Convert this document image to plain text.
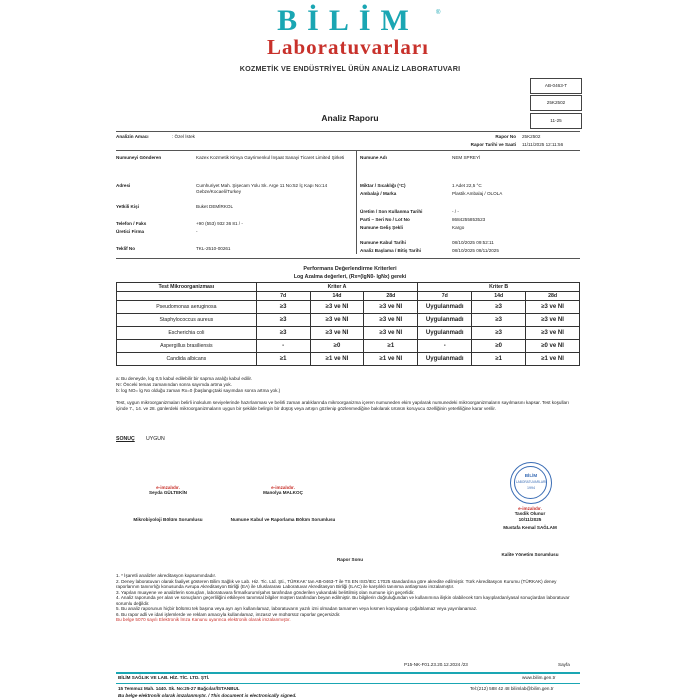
BİLİM	®
Laboratuvarları
KOZMETİK VE ENDÜSTRİYEL ÜRÜN ANALİZ LABORATUVARI
AB-0463-T
25K2502
11-25
Analiz Raporu
Analizin Amacı	: Özel İstek	Rapor No 25K2502
Rapor Tarihi ve Saati 11/11/2025 12:11:56
Numuneyi Gönderen	Kazex Kozmetik Kimya Gayrimenkul İnşaat Sanayi Ticaret Limited Şirketi
Adresi	Cumhuriyet Mah. Şişecam Yolu Sk. Arge 11 No:52 İç Kapı No:14 Gebze/Kocaeli/Turkey
Yetkili Kişi	Buket DEMİRKOL
Telefon / Faks	+90 (553) 932 36 81 / -
Üretici Firma	-
Teklif No	TKL-2510-00261
Numune Adı	NEM SPREYİ
Miktar / Sıcaklığı (°C)	1 Adet 22,5 °C
Ambalajı / Marka	Plastik Ambalaj / OLOLA
Üretim / Son Kullanma Tarihi	- / -
Parti – Seri No / Lot No	8684255853523
Numune Geliş Şekli	Kargo
Numune Kabul Tarihi	08/10/2025 09:52:11
Analiz Başlama / Bitiş Tarihi	08/10/2025 08/11/2025
Performans Değerlendirme Kriterleri
Log Azalma değerleri, (Rx=(lgN0- lgNx) gereki
Test Mikroorganizması	Kriter A			Kriter B		
	7d	14d	28d	7d	14d	28d
Pseudomonas aeruginosa	≥3	≥3 ve NI	≥3 ve NI	Uygulanmadı	≥3	≥3 ve NI
Staphylococcus aureus	≥3	≥3 ve NI	≥3 ve NI	Uygulanmadı	≥3	≥3 ve NI
Escherichia coli	≥3	≥3 ve NI	≥3 ve NI	Uygulanmadı	≥3	≥3 ve NI
Aspergillus brasiliensis	-	≥0	≥1	-	≥0	≥0 ve NI
Candida albicans	≥1	≥1 ve NI	≥1 ve NI	Uygulanmadı	≥1	≥1 ve NI
a: Bu deneyde, log 0,5 kabul edilebilir bir sapma aralığı kabul edilir.
NI: Önceki temas zamanından sonra sayımda artma yok.
b: log NO= lg No olduğu zaman Rx=0 (başlangıçtaki sayımdan sonra artma yok.)
Test, uygun mikroorganizmaları belirli inokulum seviyelerinde hazırlanması ve belirli zaman aralıklarında mikroorganizma içeren numuneden ekim yapılarak numunedeki mikroorganizmaların sayılmasını kapsar. Test koşulları içinde 7., 14. ve 28. günlerdeki mikroorganizmaların uygun bir şekilde belirgin bir düşüş veya artışın gözlenip gözlenmediğine bakılarak ürünün koruyucu özelliğinin yeterliliğine karar verilir.
SONUÇ UYGUN
e-imzalıdır.
Seyda GÜLTEKİN
Mikrobiyoloji Bölüm Sorumlusu
e-imzalıdır.
Manolya MALKOÇ
Numune Kabul ve Raporlama Bölüm Sorumlusu
BİLİM
LABORATUVARLARI
1994
e-imzalıdır.
Tasdik Olunur
10/11/2025
Mustafa Kemal SAĞLAM
Kalite Yönetim Sorumlusu
Rapor Sonu
1. * İşaretli analizler akreditasyon kapsamındadır.
2. Deney laboratuvarı olarak faaliyet gösteren Bilim Sağlık ve Lab. Hiz. Tic. Ltd. Şti., TÜRKAK' tan AB-0463-T ile TS EN ISO/IEC 17025 standardına göre akredite edilmiştir. Türk Akreditasyon Kurumu (TÜRKAK) deney raporlarının tanınırlığı konusunda Avrupa Akreditasyon Birliği (EA) ile Uluslararası Laboratuvar Akreditasyon Birliği (ILAC) ile karşılıklı tanınma antlaşması imzalamıştır.
3. Yapılan muayene ve analizlerin sonuçları, laboratuvara firma/kurum/şahıs tarafından gönderilen yukarıdaki belirtilmiş olan numune için geçerlidir.
4. Analiz raporunda yer alan ve sonuçların geçerliliğini etkileyen tanımsal bilgiler müşteri tarafından beyan edilmiştir. Bu bilgilerin doğruluğundan ve kullanımına ilişkin olabilecek tüm kayıplardan/yasal sonuçlardan laboratuvar sorumlu değildir.
5. Bu analiz raporunun hiçbir bölümü tek başına veya ayrı ayrı kullanılamaz, laboratuvarın yazılı izni olmadan tamamen veya kısmen kopyalanıp çoğaltılamaz veya yayınlanamaz.
6. Bu rapor adli ve idari işlemlerde ve reklam amacıyla kullanılamaz, imzasız ve mühürsüz raporlar geçersizdir.
Bu belge 5070 sayılı Elektronik İmza Kanunu uyarınca elektronik olarak imzalanmıştır.
P15-NK-F01.23.20.12.2024 /23	Sayfa
BİLİM SAĞLIK VE LAB. HİZ. TİC. LTD. ŞTİ.	www.bilim.gen.tr
15 Temmuz Mah. 1440. Sk. No:25-27 Bağcılar/İSTANBUL	Tel:(212) 588 42 48 bilimlab@bilim.gen.tr
Bu belge elektronik olarak imzalanmıştır. / This document is electronically signed.
